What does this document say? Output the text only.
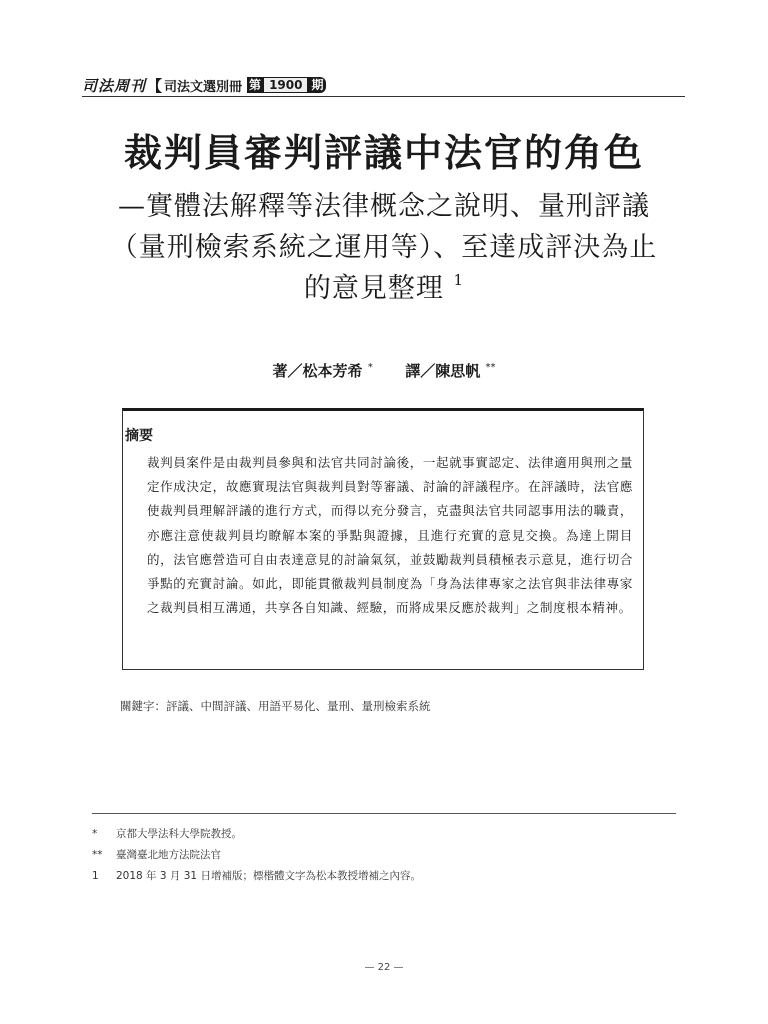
司法周刊 【 司法文選別冊 第 1900 期
裁判員審判評議中法官的角色
—實體法解釋等法律概念之說明、量刑評議（量刑檢索系統之運用等）、至達成評決為止的意見整理 $^1$
著／松本芳希 * 譯／陳思帆 **
摘要
裁判員案件是由裁判員參與和法官共同討論後，一起就事實認定、法律適用與刑之量定作成決定，故應實現法官與裁判員對等審議、討論的評議程序。在評議時，法官應使裁判員理解評議的進行方式，而得以充分發言，克盡與法官共同認事用法的職責，亦應注意使裁判員均瞭解本案的爭點與證據，且進行充實的意見交換。為達上開目的，法官應營造可自由表達意見的討論氣氛，並鼓勵裁判員積極表示意見，進行切合爭點的充實討論。如此，即能貫徹裁判員制度為「身為法律專家之法官與非法律專家之裁判員相互溝通，共享各自知識、經驗，而將成果反應於裁判」之制度根本精神。
關鍵字：評議、中間評議、用語平易化、量刑、量刑檢索系統
*	京都大學法科大學院教授。
**	臺灣臺北地方法院法官
1	2018 年 3 月 31 日增補版；標楷體文字為松本教授增補之內容。
— 22 —
